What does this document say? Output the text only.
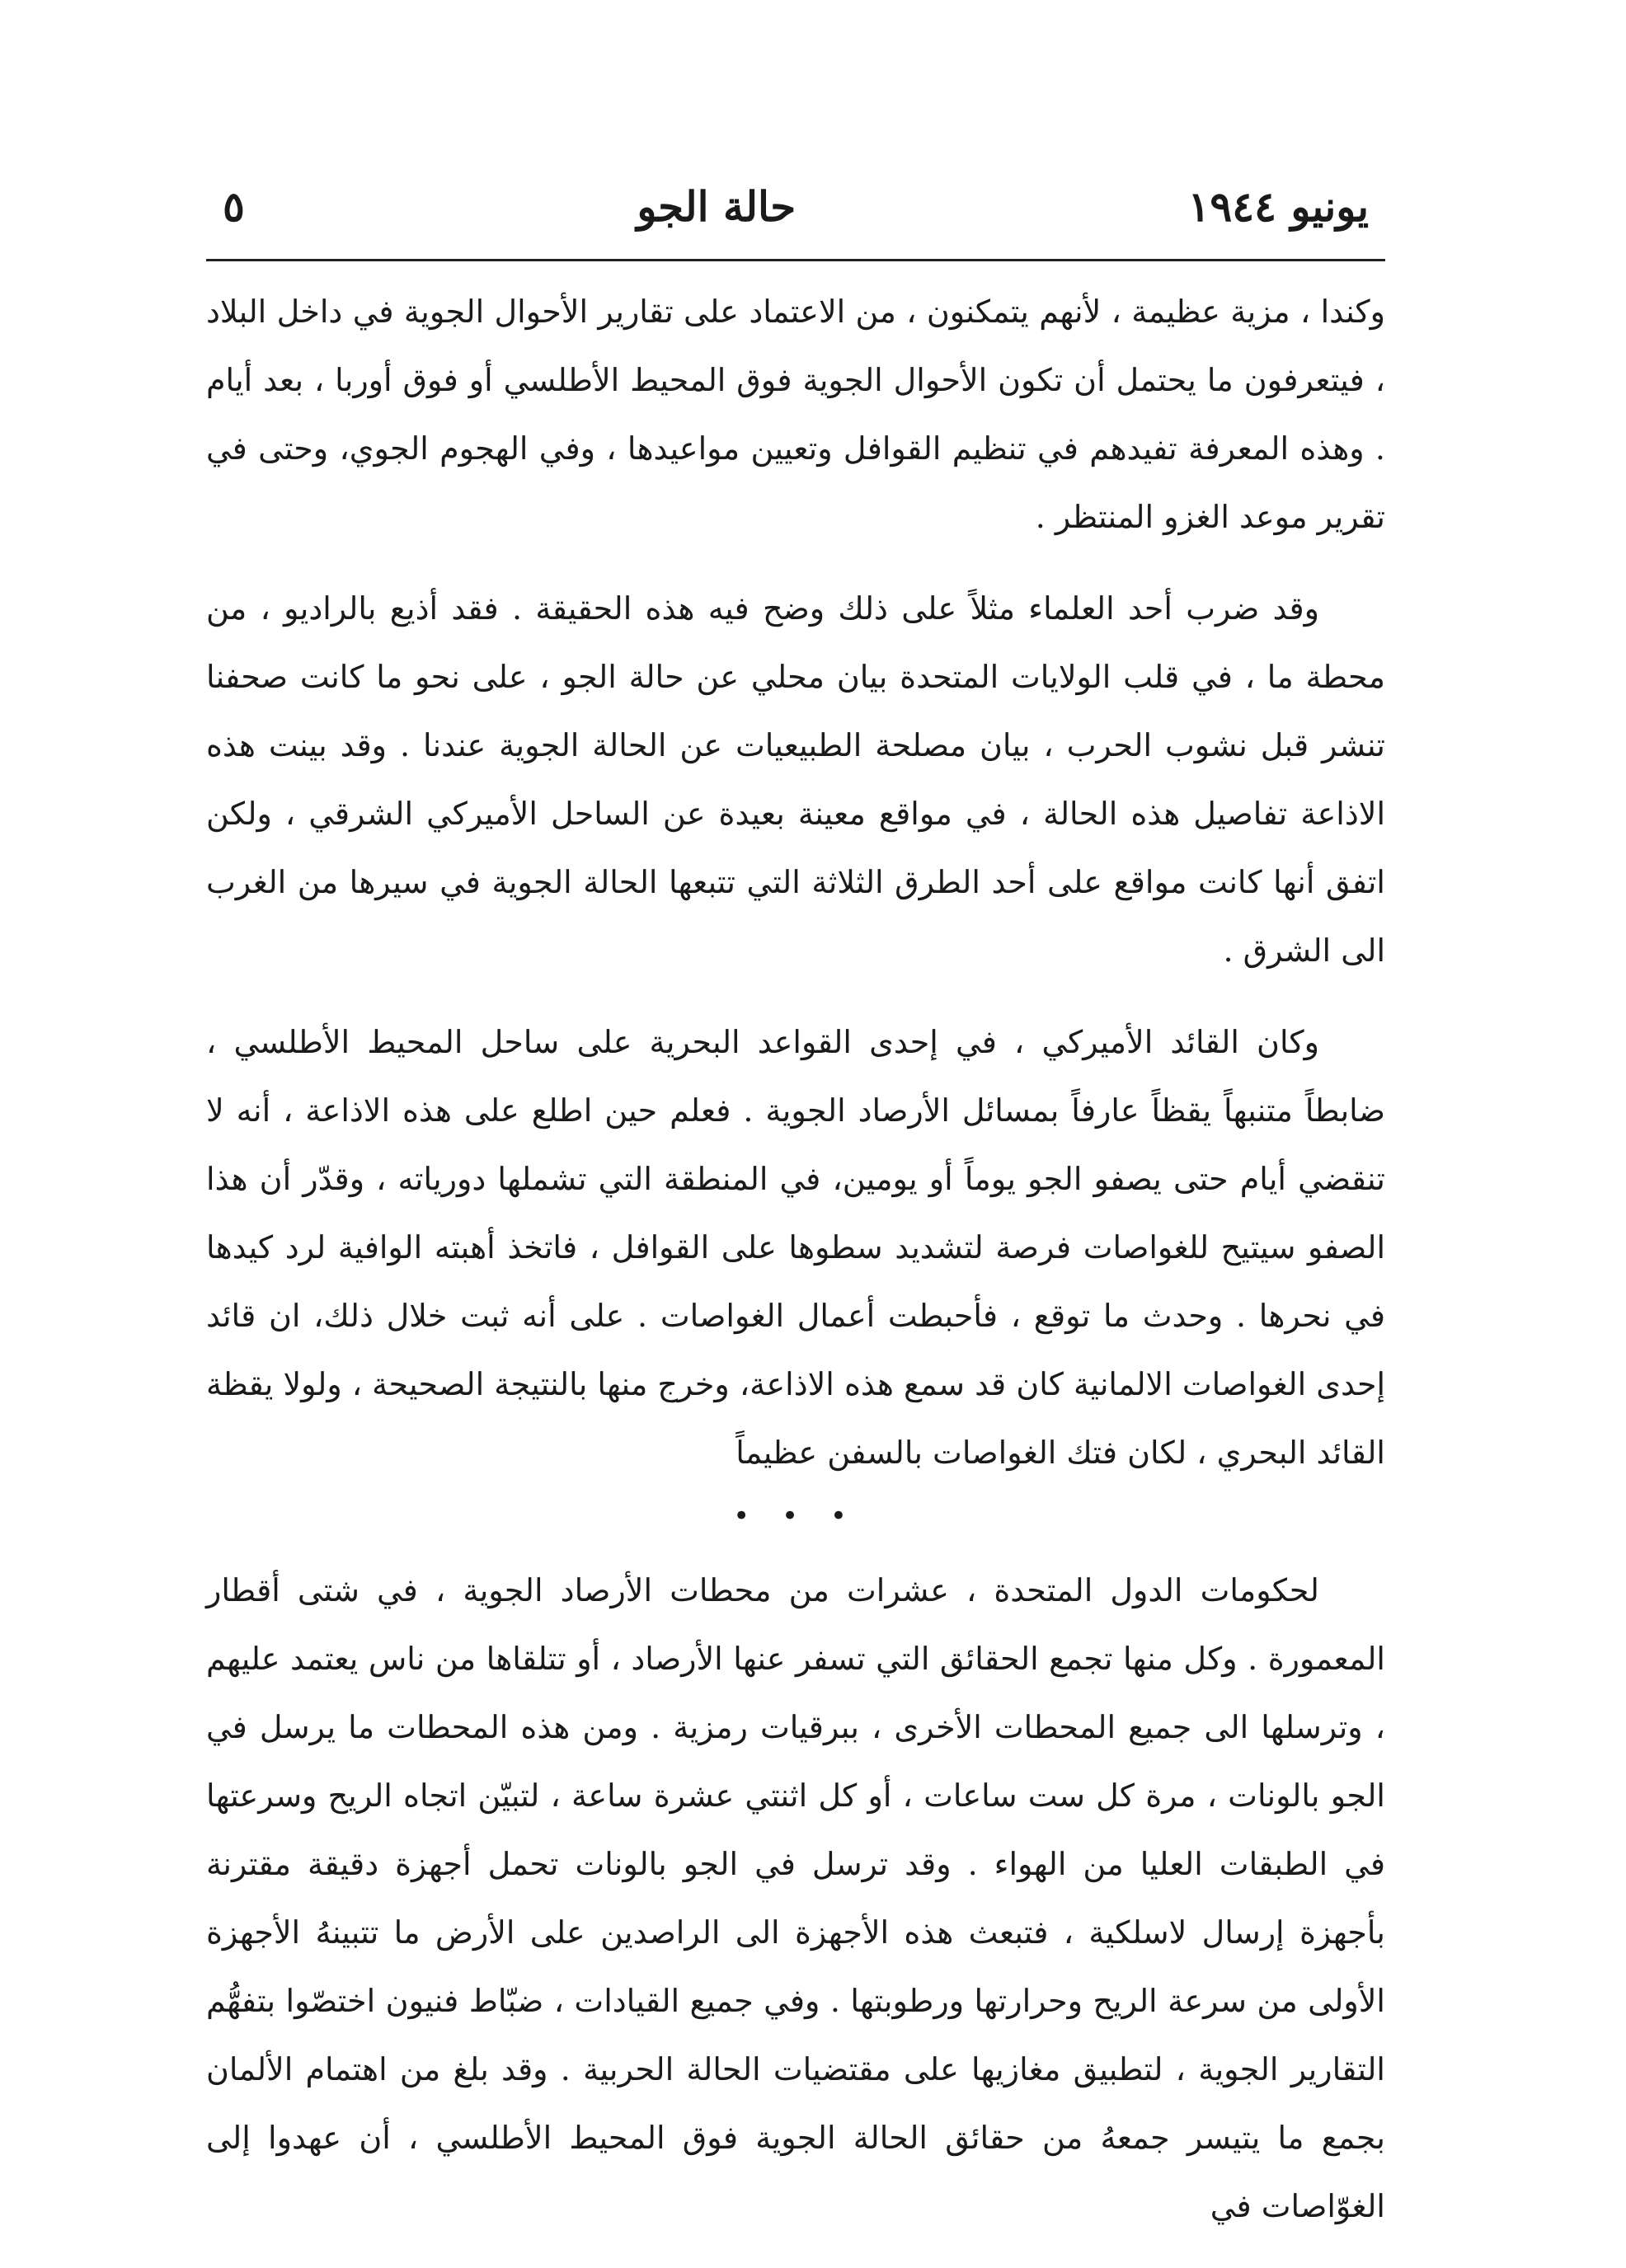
يونيو ١٩٤٤
حالة الجو
٥

وكندا ، مزية عظيمة ، لأنهم يتمكنون ، من الاعتماد على تقارير الأحوال الجوية في داخل البلاد ، فيتعرفون ما يحتمل أن تكون الأحوال الجوية فوق المحيط الأطلسي أو فوق أوربا ، بعد أيام . وهذه المعرفة تفيدهم في تنظيم القوافل وتعيين مواعيدها ، وفي الهجوم الجوي، وحتى في تقرير موعد الغزو المنتظر .

وقد ضرب أحد العلماء مثلاً على ذلك وضح فيه هذه الحقيقة . فقد أذيع بالراديو ، من محطة ما ، في قلب الولايات المتحدة بيان محلي عن حالة الجو ، على نحو ما كانت صحفنا تنشر قبل نشوب الحرب ، بيان مصلحة الطبيعيات عن الحالة الجوية عندنا . وقد بينت هذه الاذاعة تفاصيل هذه الحالة ، في مواقع معينة بعيدة عن الساحل الأميركي الشرقي ، ولكن اتفق أنها كانت مواقع على أحد الطرق الثلاثة التي تتبعها الحالة الجوية في سيرها من الغرب الى الشرق .

وكان القائد الأميركي ، في إحدى القواعد البحرية على ساحل المحيط الأطلسي ، ضابطاً متنبهاً يقظاً عارفاً بمسائل الأرصاد الجوية . فعلم حين اطلع على هذه الاذاعة ، أنه لا تنقضي أيام حتى يصفو الجو يوماً أو يومين، في المنطقة التي تشملها دورياته ، وقدّر أن هذا الصفو سيتيح للغواصات فرصة لتشديد سطوها على القوافل ، فاتخذ أهبته الوافية لرد كيدها في نحرها . وحدث ما توقع ، فأحبطت أعمال الغواصات . على أنه ثبت خلال ذلك، ان قائد إحدى الغواصات الالمانية كان قد سمع هذه الاذاعة، وخرج منها بالنتيجة الصحيحة ، ولولا يقظة القائد البحري ، لكان فتك الغواصات بالسفن عظيماً

• • •

لحكومات الدول المتحدة ، عشرات من محطات الأرصاد الجوية ، في شتى أقطار المعمورة . وكل منها تجمع الحقائق التي تسفر عنها الأرصاد ، أو تتلقاها من ناس يعتمد عليهم ، وترسلها الى جميع المحطات الأخرى ، ببرقيات رمزية . ومن هذه المحطات ما يرسل في الجو بالونات ، مرة كل ست ساعات ، أو كل اثنتي عشرة ساعة ، لتبيّن اتجاه الريح وسرعتها في الطبقات العليا من الهواء . وقد ترسل في الجو بالونات تحمل أجهزة دقيقة مقترنة بأجهزة إرسال لاسلكية ، فتبعث هذه الأجهزة الى الراصدين على الأرض ما تتبينهُ الأجهزة الأولى من سرعة الريح وحرارتها ورطوبتها . وفي جميع القيادات ، ضبّاط فنيون اختصّوا بتفهُّم التقارير الجوية ، لتطبيق مغازيها على مقتضيات الحالة الحربية . وقد بلغ من اهتمام الألمان بجمع ما يتيسر جمعهُ من حقائق الحالة الجوية فوق المحيط الأطلسي ، أن عهدوا إلى الغوّاصات في
